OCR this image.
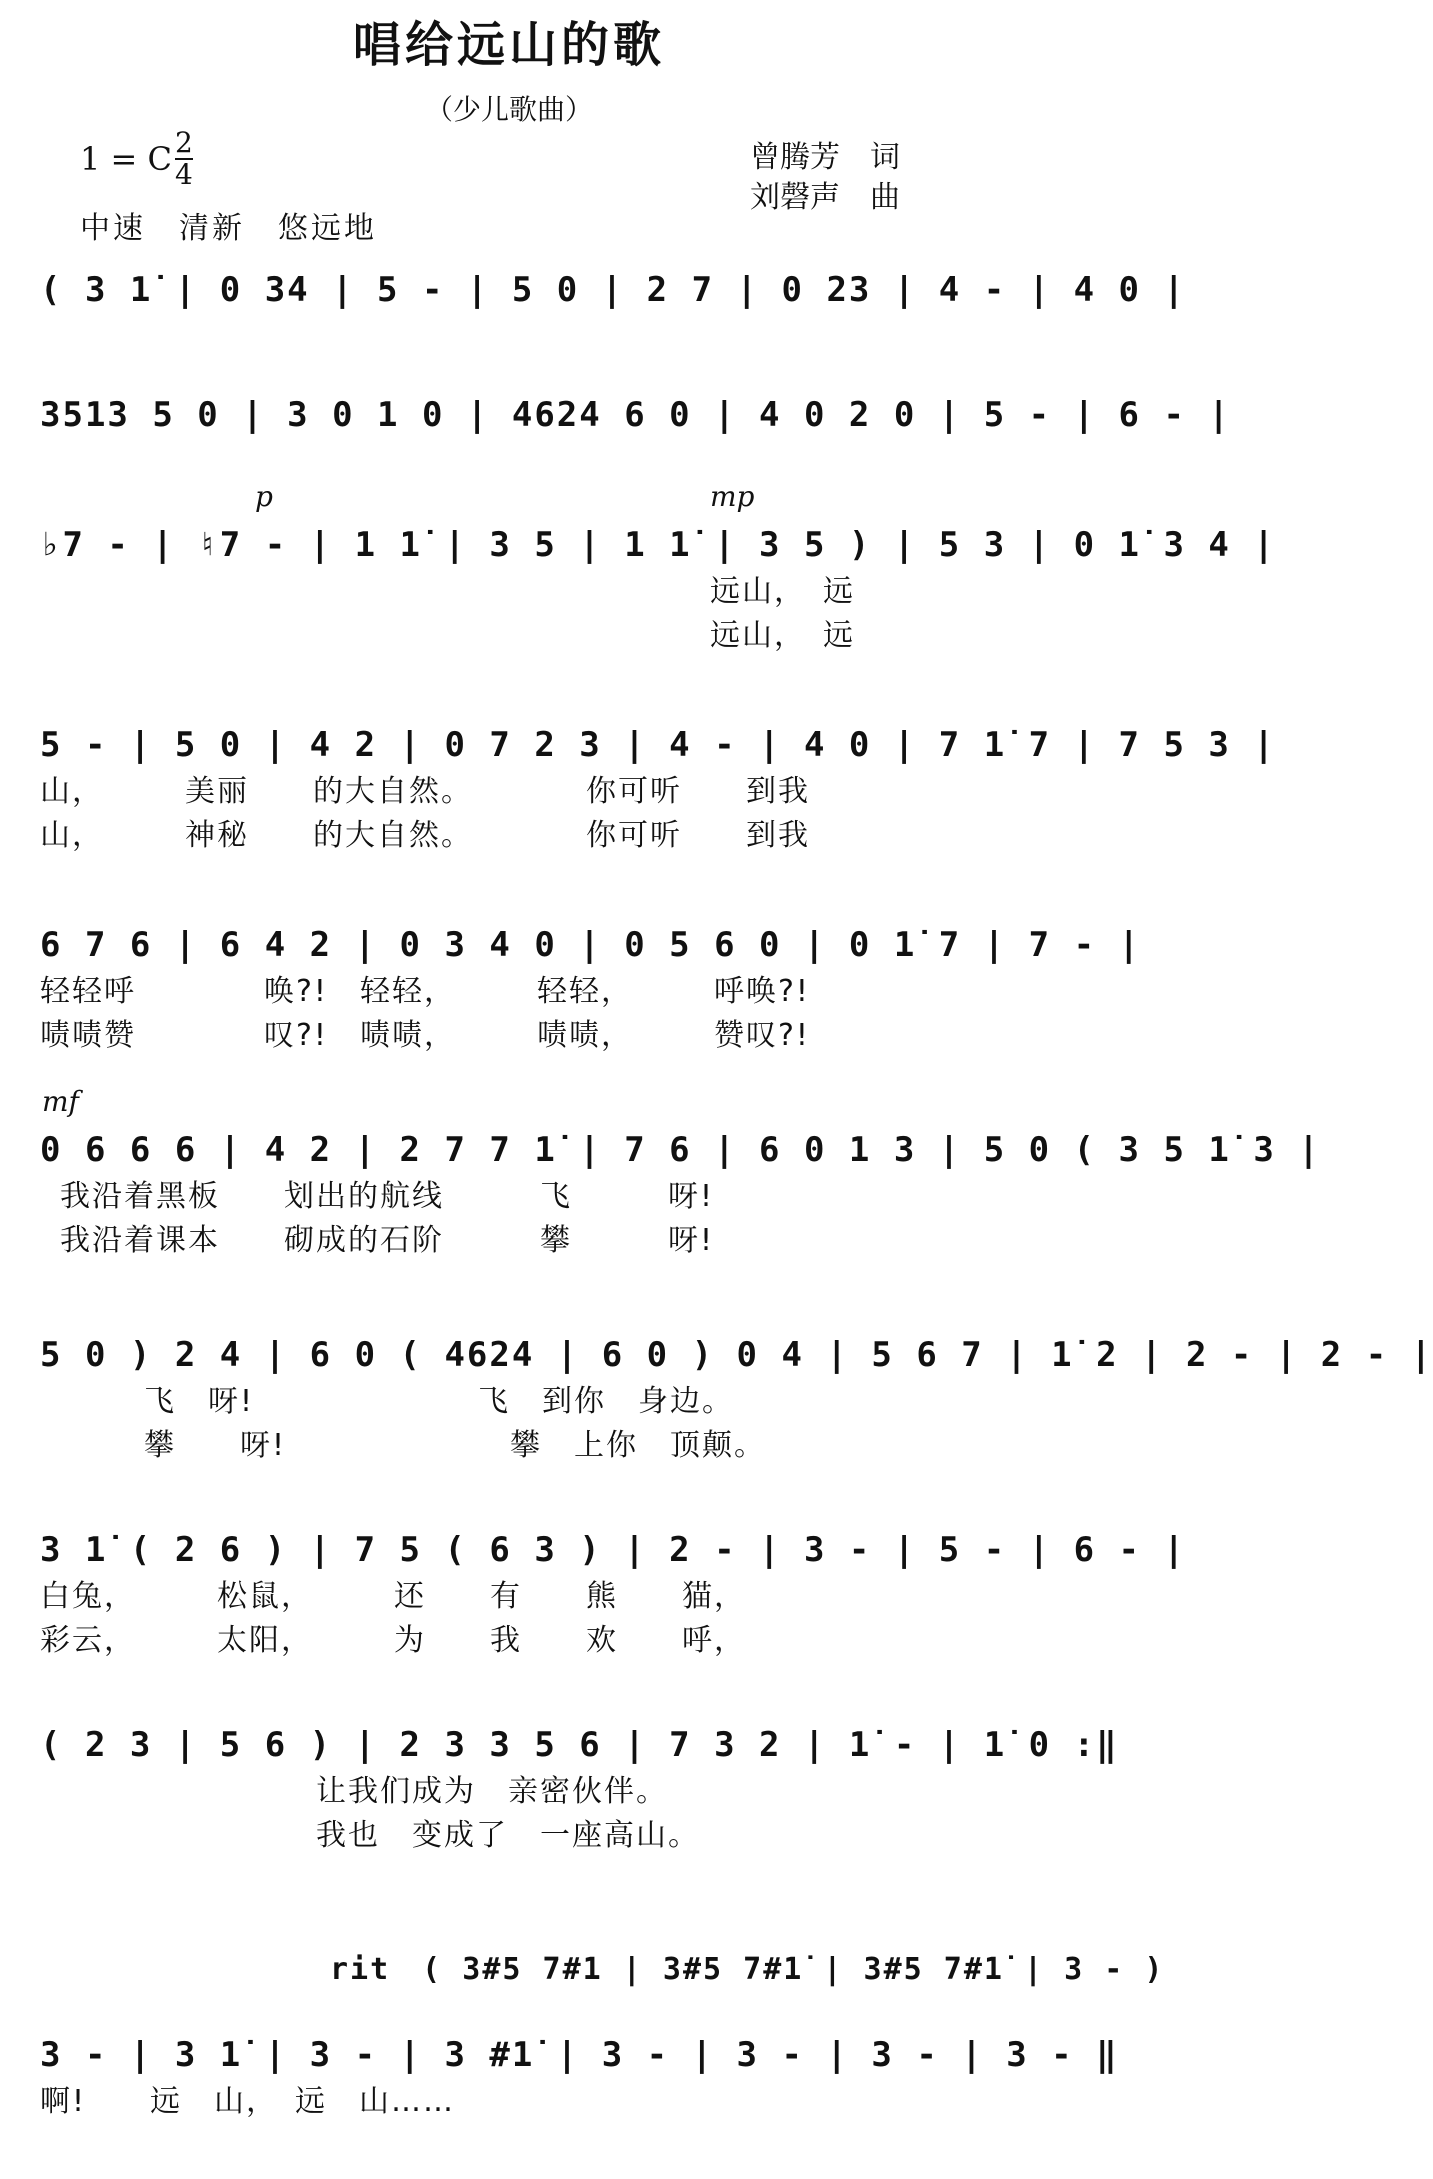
唱给远山的歌
（少儿歌曲）
1 = C 2
4	曾腾芳　词
刘磬声　曲
中速　清新　悠远地
( 3 1̇ | 0 34 | 5 - | 5 0 | 2 7 | 0 23 | 4 - | 4 0 |
3513 5 0 | 3 0 1 0 | 4624 6 0 | 4 0 2 0 | 5 - | 6 - |
p	mp
♭7 - | ♮7 - | 1 1̇ | 3 5 | 1 1̇ | 3 5 ) | 5 3 | 0 1̇ 3 4 |
远山，　远
远山，　远
5 - | 5 0 | 4 2 | 0 7 2 3 | 4 - | 4 0 | 7 1̇ 7 | 7 5 3 |
山，　　　美丽　　的大自然。　　　　你可听　　到我
山，　　　神秘　　的大自然。　　　　你可听　　到我
6 7 6 | 6 4 2 | 0 3 4 0 | 0 5 6 0 | 0 1̇ 7 | 7 - |
轻轻呼　　　　唤?!　轻轻，　　　轻轻，　　　呼唤?!
啧啧赞　　　　叹?!　啧啧，　　　啧啧，　　　赞叹?!
mf
0 6 6 6 | 4 2 | 2 7 7 1̇ | 7 6 | 6 0 1 3 | 5 0 ( 3 5 1̇ 3 |
我沿着黑板　　划出的航线　　　飞　　　呀!
我沿着课本　　砌成的石阶　　　攀　　　呀!
5 0 ) 2 4 | 6 0 ( 4624 | 6 0 ) 0 4 | 5 6 7 | 1̇ 2 | 2 - | 2 - |
　　飞　呀!　　　　　　　飞　到你　身边。
　　攀　　呀!　　　　　　　攀　上你　顶颠。
3 1̇ ( 2 6 ) | 7 5 ( 6 3 ) | 2 - | 3 - | 5 - | 6 - |
白兔，　　　松鼠，　　　还　　有　　熊　　猫，
彩云，　　　太阳，　　　为　　我　　欢　　呼，
( 2 3 | 5 6 ) | 2 3 3 5 6 | 7 3 2 | 1̇ - | 1̇ 0 :‖
　　　　　　　　让我们成为　亲密伙伴。
　　　　　　　　我也　变成了　一座高山。
rit　( 3#5 7#1 | 3#5 7#1̇ | 3#5 7#1̇ | 3 - )
3 - | 3 1̇ | 3 - | 3 #1̇ | 3 - | 3 - | 3 - | 3 - ‖
啊!　　远　山，　远　山……
